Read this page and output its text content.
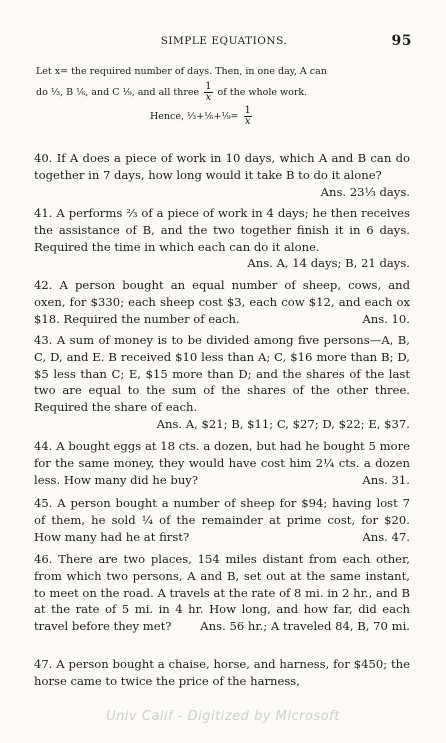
SIMPLE EQUATIONS.	95
Let x= the required number of days. Then, in one day, A can
do ⅓, B ⅙, and C ⅑, and all three $\frac{1}{x}$ of the whole work.
Hence, ⅓+⅙+⅑= $\frac{1}{x}$
40. If A does a piece of work in 10 days, which A and B can do together in 7 days, how long would it take B to do it alone?
Ans. 23⅓ days.
41. A performs ⅔ of a piece of work in 4 days; he then receives the assistance of B, and the two together finish it in 6 days. Required the time in which each can do it alone.
Ans. A, 14 days; B, 21 days.
42. A person bought an equal number of sheep, cows, and oxen, for $330; each sheep cost $3, each cow $12, and each ox $18. Required the number of each.	Ans. 10.
43. A sum of money is to be divided among five persons—A, B, C, D, and E. B received $10 less than A; C, $16 more than B; D, $5 less than C; E, $15 more than D; and the shares of the last two are equal to the sum of the shares of the other three. Required the share of each.
Ans. A, $21; B, $11; C, $27; D, $22; E, $37.
44. A bought eggs at 18 cts. a dozen, but had he bought 5 more for the same money, they would have cost him 2¼ cts. a dozen less. How many did he buy?	Ans. 31.
45. A person bought a number of sheep for $94; having lost 7 of them, he sold ¼ of the remainder at prime cost, for $20. How many had he at first?	Ans. 47.
46. There are two places, 154 miles distant from each other, from which two persons, A and B, set out at the same instant, to meet on the road. A travels at the rate of 8 mi. in 2 hr., and B at the rate of 5 mi. in 4 hr. How long, and how far, did each travel before they met? Ans. 56 hr.; A traveled 84, B, 70 mi.
47. A person bought a chaise, horse, and harness, for $450; the horse came to twice the price of the harness,
Univ Calif - Digitized by Microsoft
